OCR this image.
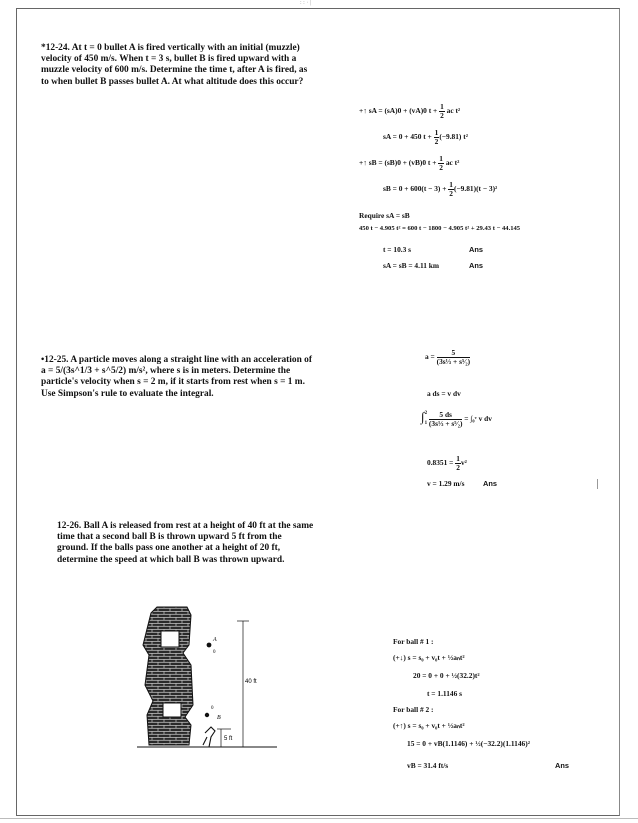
: : · |
*12-24. At t = 0 bullet A is fired vertically with an initial (muzzle) velocity of 450 m/s. When t = 3 s, bullet B is fired upward with a muzzle velocity of 600 m/s. Determine the time t, after A is fired, as to when bullet B passes bullet A. At what altitude does this occur?
+↑ sA = (sA)0 + (vA)0 $t + \frac{1}{2}$ ac t²
sA = 0 + 450 $t + \frac{1}{2} (-9.81)$ t²
+↑ sB = (sB)0 + (vB)0 $t + \frac{1}{2}$ ac t²
sB = $0 + 600(t - 3) + \frac{1}{2} (-9.81)(t - 3)^2$
Require sA = sB
450 t − 4.905 t² = 600 t − 1800 − 4.905 t² + 29.43 t − 44.145
t = 10.3 s	Ans
sA = sB = 4.11 km	Ans
•12-25. A particle moves along a straight line with an acceleration of a = 5/(3s^1/3 + s^5/2) m/s², where s is in meters. Determine the particle's velocity when s = 2 m, if it starts from rest when s = 1 m. Use Simpson's rule to evaluate the integral.
$a = \frac{5}{\text{(3s⅓ + s⁵⁄₂)}}$
a ds = v dv
∫ 2
1
$\frac{5 ds}{\text{(3s⅓ + s⁵⁄₂)}}$ = ∫₀ᵛ v dv
$0.8351 = \frac{1}{2} v^2$
v = 1.29 m/s	Ans
12-26. Ball A is released from rest at a height of 40 ft at the same time that a second ball B is thrown upward 5 ft from the ground. If the balls pass one another at a height of 20 ft, determine the speed at which ball B was thrown upward.
A
B
0
0
40 ft
5 ft
For ball # 1 :
(+↓) s = s₀ + v₀t + ½aₙt²
20 = 0 + 0 + ½(32.2)t²
t = 1.1146 s
For ball # 2 :
(+↑) s = s₀ + v₀t + ½aₙt²
15 = 0 + vB(1.1146) + ½(−32.2)(1.1146)²
vB = 31.4 ft/s	Ans
